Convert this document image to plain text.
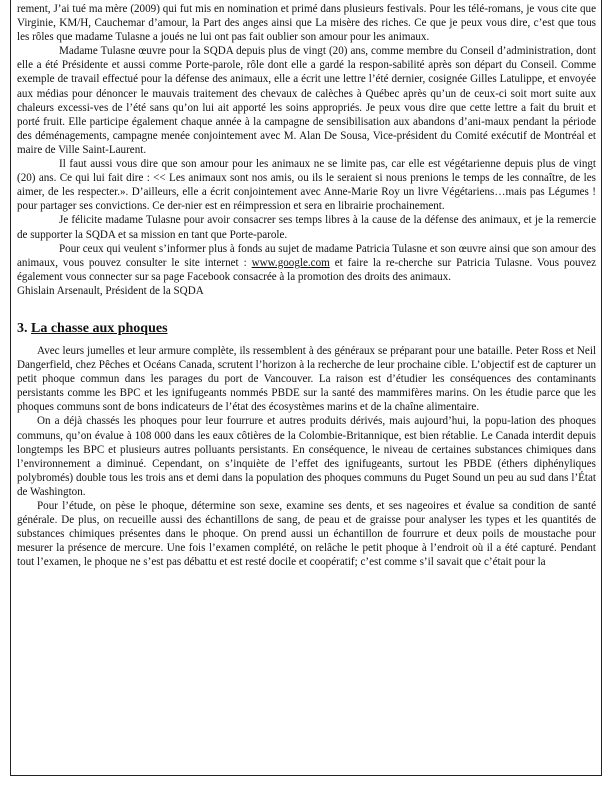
rement, J’ai tué ma mère (2009) qui fut mis en nomination et primé dans plusieurs festivals. Pour les télé-romans, je vous cite que Virginie, KM/H, Cauchemar d’amour, la Part des anges ainsi que La misère des riches. Ce que je peux vous dire, c’est que tous les rôles que madame Tulasne a joués ne lui ont pas fait oublier son amour pour les animaux.

Madame Tulasne œuvre pour la SQDA depuis plus de vingt (20) ans, comme membre du Conseil d’administration, dont elle a été Présidente et aussi comme Porte-parole, rôle dont elle a gardé la respon-sabilité après son départ du Conseil. Comme exemple de travail effectué pour la défense des animaux, elle a écrit une lettre l’été dernier, cosignée Gilles Latulippe, et envoyée aux médias pour dénoncer le mauvais traitement des chevaux de calèches à Québec après qu’un de ceux-ci soit mort suite aux chaleurs excessi-ves de l’été sans qu’on lui ait apporté les soins appropriés. Je peux vous dire que cette lettre a fait du bruit et porté fruit. Elle participe également chaque année à la campagne de sensibilisation aux abandons d’ani-maux pendant la période des déménagements, campagne menée conjointement avec M. Alan De Sousa, Vice-président du Comité exécutif de Montréal et maire de Ville Saint-Laurent.

Il faut aussi vous dire que son amour pour les animaux ne se limite pas, car elle est végétarienne depuis plus de vingt (20) ans. Ce qui lui fait dire : << Les animaux sont nos amis, ou ils le seraient si nous prenions le temps de les connaître, de les aimer, de les respecter.». D’ailleurs, elle a écrit conjointement avec Anne-Marie Roy un livre Végétariens…mais pas Légumes ! pour partager ses convictions. Ce der-nier est en réimpression et sera en librairie prochainement.

Je félicite madame Tulasne pour avoir consacrer ses temps libres à la cause de la défense des animaux, et je la remercie de supporter la SQDA et sa mission en tant que Porte-parole.

Pour ceux qui veulent s’informer plus à fonds au sujet de madame Patricia Tulasne et son œuvre ainsi que son amour des animaux, vous pouvez consulter le site internet : www.google.com et faire la re-cherche sur Patricia Tulasne. Vous pouvez également vous connecter sur sa page Facebook consacrée à la promotion des droits des animaux.

Ghislain Arsenault, Président de la SQDA

3. La chasse aux phoques

Avec leurs jumelles et leur armure complète, ils ressemblent à des généraux se préparant pour une bataille. Peter Ross et Neil Dangerfield, chez Pêches et Océans Canada, scrutent l’horizon à la recherche de leur prochaine cible. L’objectif est de capturer un petit phoque commun dans les parages du port de Vancouver. La raison est d’étudier les conséquences des contaminants persistants comme les BPC et les ignifugeants nommés PBDE sur la santé des mammifères marins. On les étudie parce que les phoques communs sont de bons indicateurs de l’état des écosystèmes marins et de la chaîne alimentaire.

On a déjà chassés les phoques pour leur fourrure et autres produits dérivés, mais aujourd’hui, la popu-lation des phoques communs, qu’on évalue à 108 000 dans les eaux côtières de la Colombie-Britannique, est bien rétablie. Le Canada interdit depuis longtemps les BPC et plusieurs autres polluants persistants. En conséquence, le niveau de certaines substances chimiques dans l’environnement a diminué. Cependant, on s’inquiète de l’effet des ignifugeants, surtout les PBDE (éthers diphényliques polybromés) double tous les trois ans et demi dans la population des phoques communs du Puget Sound un peu au sud dans l’État de Washington.

Pour l’étude, on pèse le phoque, détermine son sexe, examine ses dents, et ses nageoires et évalue sa condition de santé générale. De plus, on recueille aussi des échantillons de sang, de peau et de graisse pour analyser les types et les quantités de substances chimiques présentes dans le phoque. On prend aussi un échantillon de fourrure et deux poils de moustache pour mesurer la présence de mercure. Une fois l’examen complété, on relâche le petit phoque à l’endroit où il a été capturé. Pendant tout l’examen, le phoque ne s’est pas débattu et est resté docile et coopératif; c’est comme s’il savait que c’était pour la
